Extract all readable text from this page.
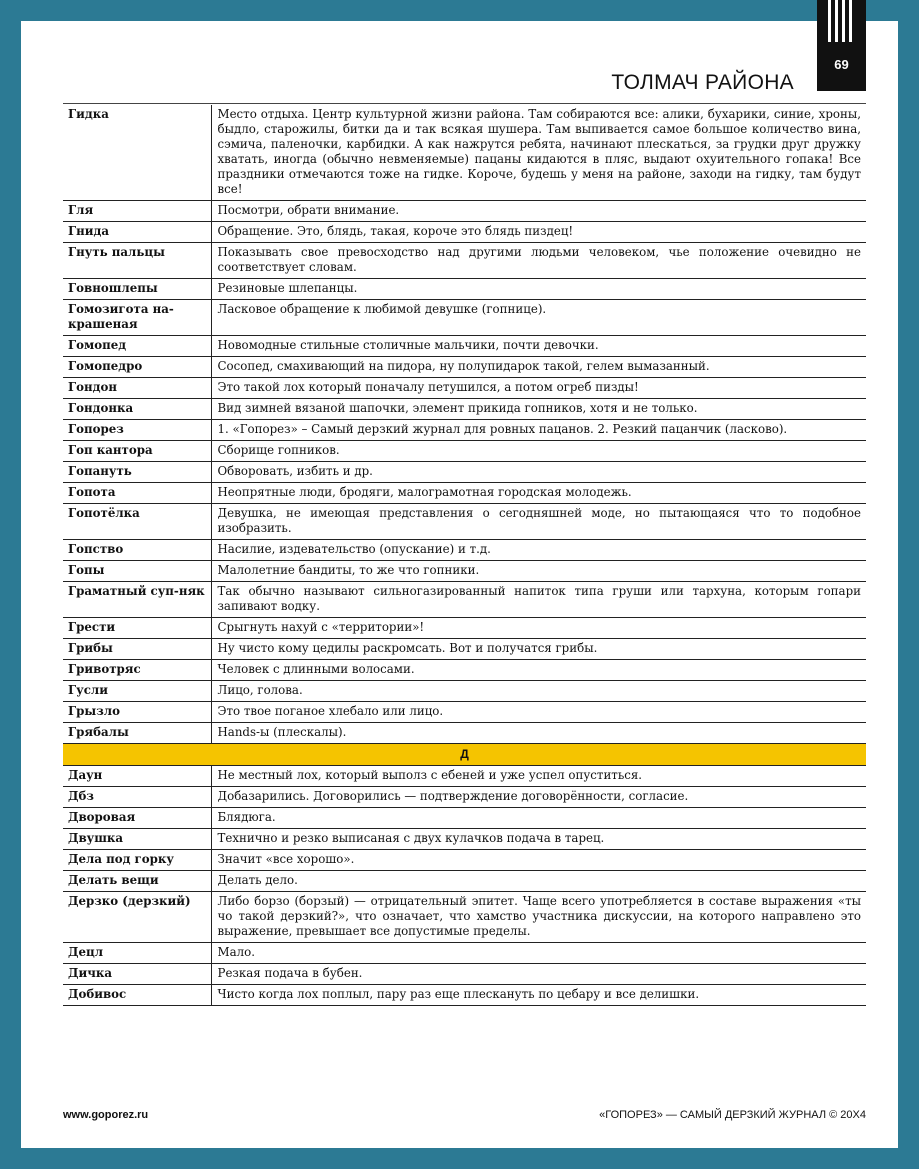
69
ТОЛМАЧ РАЙОНА
Гидка	Место отдыха. Центр культурной жизни района. Там собираются все: алики, бухарики, синие, хроны, быдло, старожилы, битки да и так всякая шушера. Там выпивается самое большое количество вина, сэмича, паленочки, карбидки. А как нажрутся ребята, начинают плескаться, за грудки друг дружку хватать, иногда (обычно невменяемые) пацаны кидаются в пляс, выдают охуительного гопака! Все праздники отмечаются тоже на гидке. Короче, будешь у меня на районе, заходи на гидку, там будут все!
Гля	Посмотри, обрати внимание.
Гнида	Обращение. Это, блядь, такая, короче это блядь пиздец!
Гнуть пальцы	Показывать свое превосходство над другими людьми человеком, чье положение очевидно не соответствует словам.
Говношлепы	Резиновые шлепанцы.
Гомозигота на-крашеная	Ласковое обращение к любимой девушке (гопнице).
Гомопед	Новомодные стильные столичные мальчики, почти девочки.
Гомопедро	Сосопед, смахивающий на пидора, ну полупидарок такой, гелем вымазанный.
Гондон	Это такой лох который поначалу петушился, а потом огреб пизды!
Гондонка	Вид зимней вязаной шапочки, элемент прикида гопников, хотя и не только.
Гопорез	1. «Гопорез» – Самый дерзкий журнал для ровных пацанов. 2. Резкий пацанчик (ласково).
Гоп кантора	Сборище гопников.
Гопануть	Обворовать, избить и др.
Гопота	Неопрятные люди, бродяги, малограмотная городская молодежь.
Гопотёлка	Девушка, не имеющая представления о сегодняшней моде, но пытающаяся что то подобное изобразить.
Гопство	Насилие, издевательство (опускание) и т.д.
Гопы	Малолетние бандиты, то же что гопники.
Граматный суп-няк	Так обычно называют сильногазированный напиток типа груши или тархуна, которым гопари запивают водку.
Грести	Срыгнуть нахуй с «территории»!
Грибы	Ну чисто кому цедилы раскромсать. Вот и получатся грибы.
Гривотряс	Человек с длинными волосами.
Гусли	Лицо, голова.
Грызло	Это твое поганое хлебало или лицо.
Грябалы	Hands-ы (плескалы).
Д	
Даун	Не местный лох, который выполз с ебеней и уже успел опуститься.
Дбз	Добазарились. Договорились — подтверждение договорённости, согласие.
Дворовая	Блядюга.
Двушка	Технично и резко выписаная с двух кулачков подача в тарец.
Дела под горку	Значит «все хорошо».
Делать вещи	Делать дело.
Дерзко (дерзкий)	Либо борзо (борзый) — отрицательный эпитет. Чаще всего употребляется в составе выражения «ты чо такой дерзкий?», что означает, что хамство участника дискуссии, на которого направлено это выражение, превышает все допустимые пределы.
Децл	Мало.
Дичка	Резкая подача в бубен.
Добивос	Чисто когда лох поплыл, пару раз еще плескануть по цебару и все делишки.
www.goporez.ru	«ГОПОРЕЗ» — САМЫЙ ДЕРЗКИЙ ЖУРНАЛ © 20Х4
